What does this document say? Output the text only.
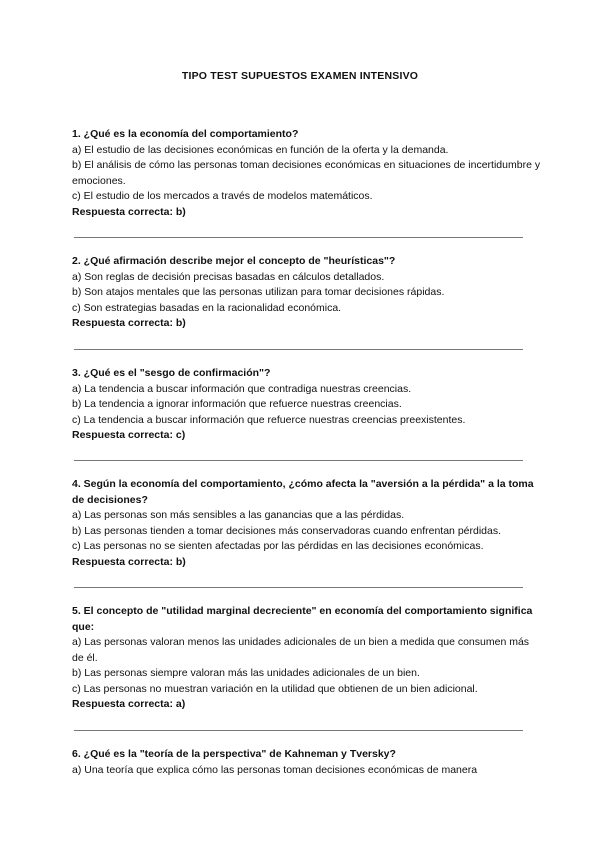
TIPO TEST SUPUESTOS EXAMEN INTENSIVO

1. ¿Qué es la economía del comportamiento?

a) El estudio de las decisiones económicas en función de la oferta y la demanda.

b) El análisis de cómo las personas toman decisiones económicas en situaciones de incertidumbre y emociones.

c) El estudio de los mercados a través de modelos matemáticos.

Respuesta correcta: b)

2. ¿Qué afirmación describe mejor el concepto de "heurísticas"?

a) Son reglas de decisión precisas basadas en cálculos detallados.

b) Son atajos mentales que las personas utilizan para tomar decisiones rápidas.

c) Son estrategias basadas en la racionalidad económica.

Respuesta correcta: b)

3. ¿Qué es el "sesgo de confirmación"?

a) La tendencia a buscar información que contradiga nuestras creencias.

b) La tendencia a ignorar información que refuerce nuestras creencias.

c) La tendencia a buscar información que refuerce nuestras creencias preexistentes.

Respuesta correcta: c)

4. Según la economía del comportamiento, ¿cómo afecta la "aversión a la pérdida" a la toma de decisiones?

a) Las personas son más sensibles a las ganancias que a las pérdidas.

b) Las personas tienden a tomar decisiones más conservadoras cuando enfrentan pérdidas.

c) Las personas no se sienten afectadas por las pérdidas en las decisiones económicas.

Respuesta correcta: b)

5. El concepto de "utilidad marginal decreciente" en economía del comportamiento significa que:

a) Las personas valoran menos las unidades adicionales de un bien a medida que consumen más de él.

b) Las personas siempre valoran más las unidades adicionales de un bien.

c) Las personas no muestran variación en la utilidad que obtienen de un bien adicional.

Respuesta correcta: a)

6. ¿Qué es la "teoría de la perspectiva" de Kahneman y Tversky?

a) Una teoría que explica cómo las personas toman decisiones económicas de manera
